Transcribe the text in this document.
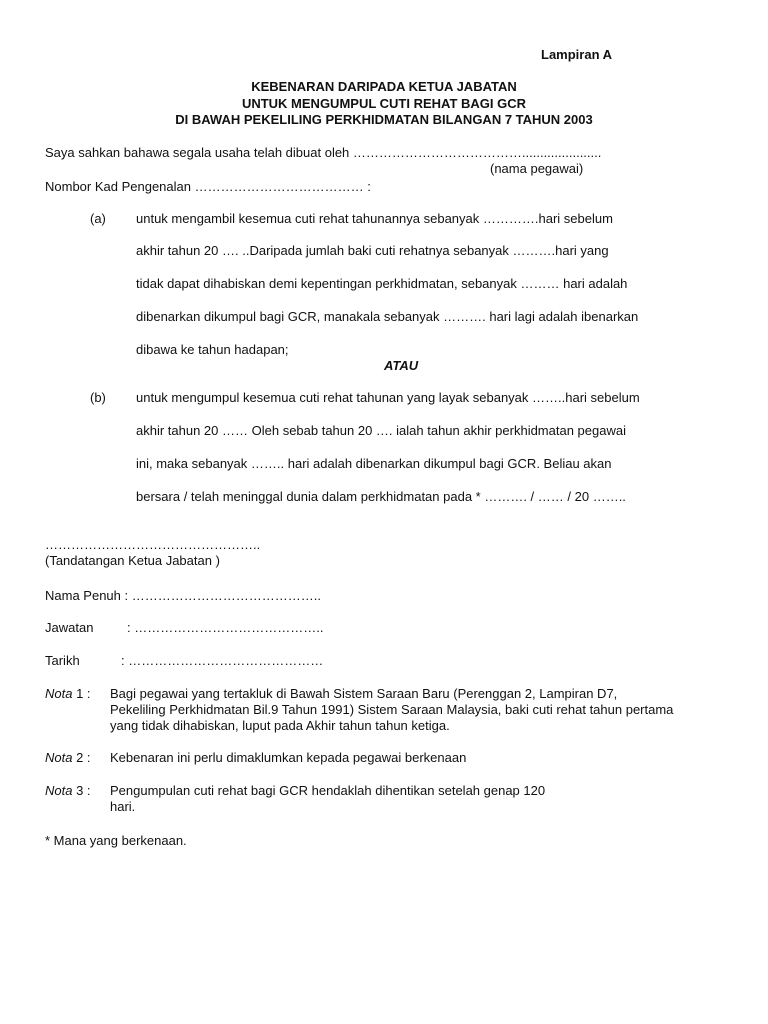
Lampiran A
KEBENARAN DARIPADA KETUA JABATAN
UNTUK MENGUMPUL CUTI REHAT BAGI GCR
DI BAWAH PEKELILING PERKHIDMATAN BILANGAN 7 TAHUN 2003
Saya sahkan bahawa segala usaha telah dibuat oleh …………………………………......................
(nama pegawai)
Nombor Kad Pengenalan ………………………………… :
(a) untuk mengambil kesemua cuti rehat tahunannya sebanyak ………….hari sebelum
akhir tahun 20 …. ..Daripada jumlah baki cuti rehatnya sebanyak ……….hari yang
tidak dapat dihabiskan demi kepentingan perkhidmatan, sebanyak ……… hari adalah
dibenarkan dikumpul bagi GCR, manakala sebanyak ………. hari lagi adalah ibenarkan
dibawa ke tahun hadapan;
ATAU
(b) untuk mengumpul kesemua cuti rehat tahunan yang layak sebanyak ……..hari sebelum
akhir tahun 20 …… Oleh sebab tahun 20 …. ialah tahun akhir perkhidmatan pegawai
ini, maka sebanyak …….. hari adalah dibenarkan dikumpul bagi GCR. Beliau akan
bersara / telah meninggal dunia dalam perkhidmatan pada * ………. / …… / 20 ……..
…………………………………………..
(Tandatangan Ketua Jabatan )
Nama Penuh : ……………………………………..
Jawatan	: ……………………………………..
Tarikh	: ………………………………………
Nota 1 : Bagi pegawai yang tertakluk di Bawah Sistem Saraan Baru (Perenggan 2, Lampiran D7,
Pekeliling Perkhidmatan Bil.9 Tahun 1991) Sistem Saraan Malaysia, baki cuti rehat tahun pertama
yang tidak dihabiskan, luput pada Akhir tahun tahun ketiga.
Nota 2 : Kebenaran ini perlu dimaklumkan kepada pegawai berkenaan
Nota 3 : Pengumpulan cuti rehat bagi GCR hendaklah dihentikan setelah genap 120
hari.
* Mana yang berkenaan.
